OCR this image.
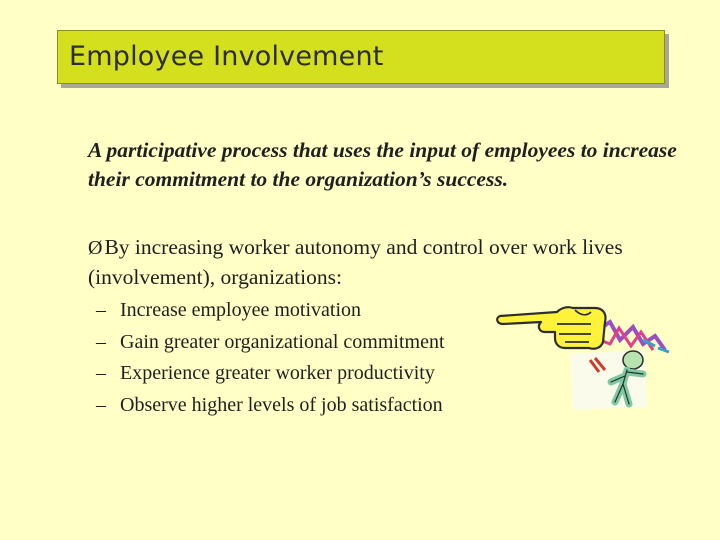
Employee Involvement
A participative process that uses the input of employees to increase their commitment to the organization’s success.
ØBy increasing worker autonomy and control over work lives (involvement), organizations:
– Increase employee motivation
– Gain greater organizational commitment
– Experience greater worker productivity
– Observe higher levels of job satisfaction
